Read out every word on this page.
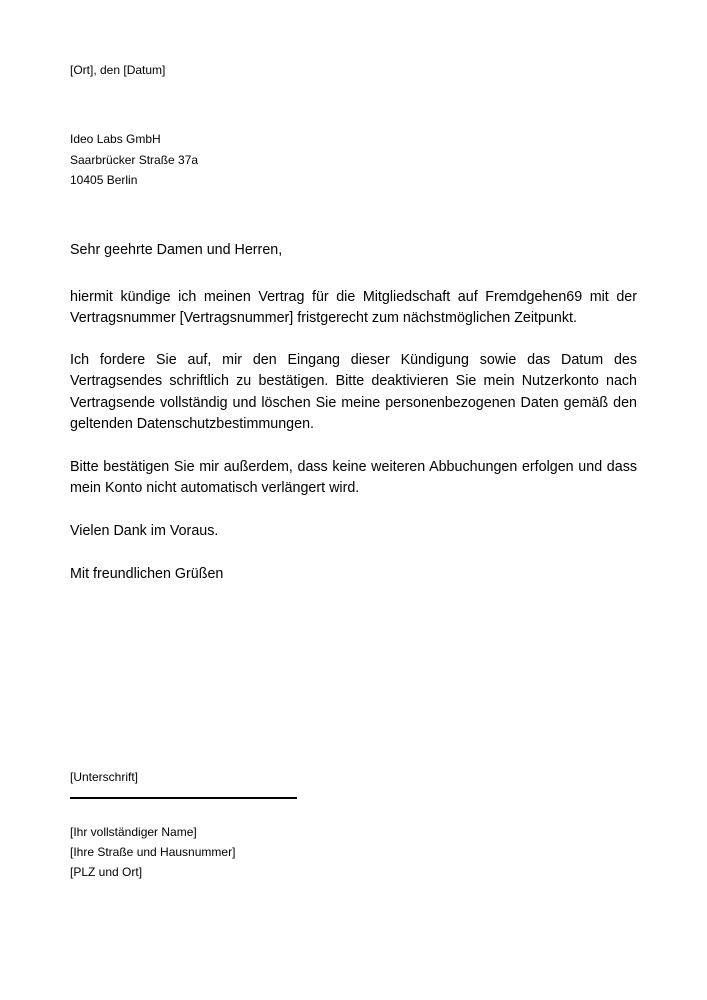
[Ort], den [Datum]
Ideo Labs GmbH
Saarbrücker Straße 37a
10405 Berlin
Sehr geehrte Damen und Herren,

hiermit kündige ich meinen Vertrag für die Mitgliedschaft auf Fremdgehen69 mit der Vertragsnummer [Vertragsnummer] fristgerecht zum nächstmöglichen Zeitpunkt.

Ich fordere Sie auf, mir den Eingang dieser Kündigung sowie das Datum des Vertragsendes schriftlich zu bestätigen. Bitte deaktivieren Sie mein Nutzerkonto nach Vertragsende vollständig und löschen Sie meine personenbezogenen Daten gemäß den geltenden Datenschutzbestimmungen.

Bitte bestätigen Sie mir außerdem, dass keine weiteren Abbuchungen erfolgen und dass mein Konto nicht automatisch verlängert wird.

Vielen Dank im Voraus.
Mit freundlichen Grüßen
[Unterschrift]
[Ihr vollständiger Name]
[Ihre Straße und Hausnummer]
[PLZ und Ort]
